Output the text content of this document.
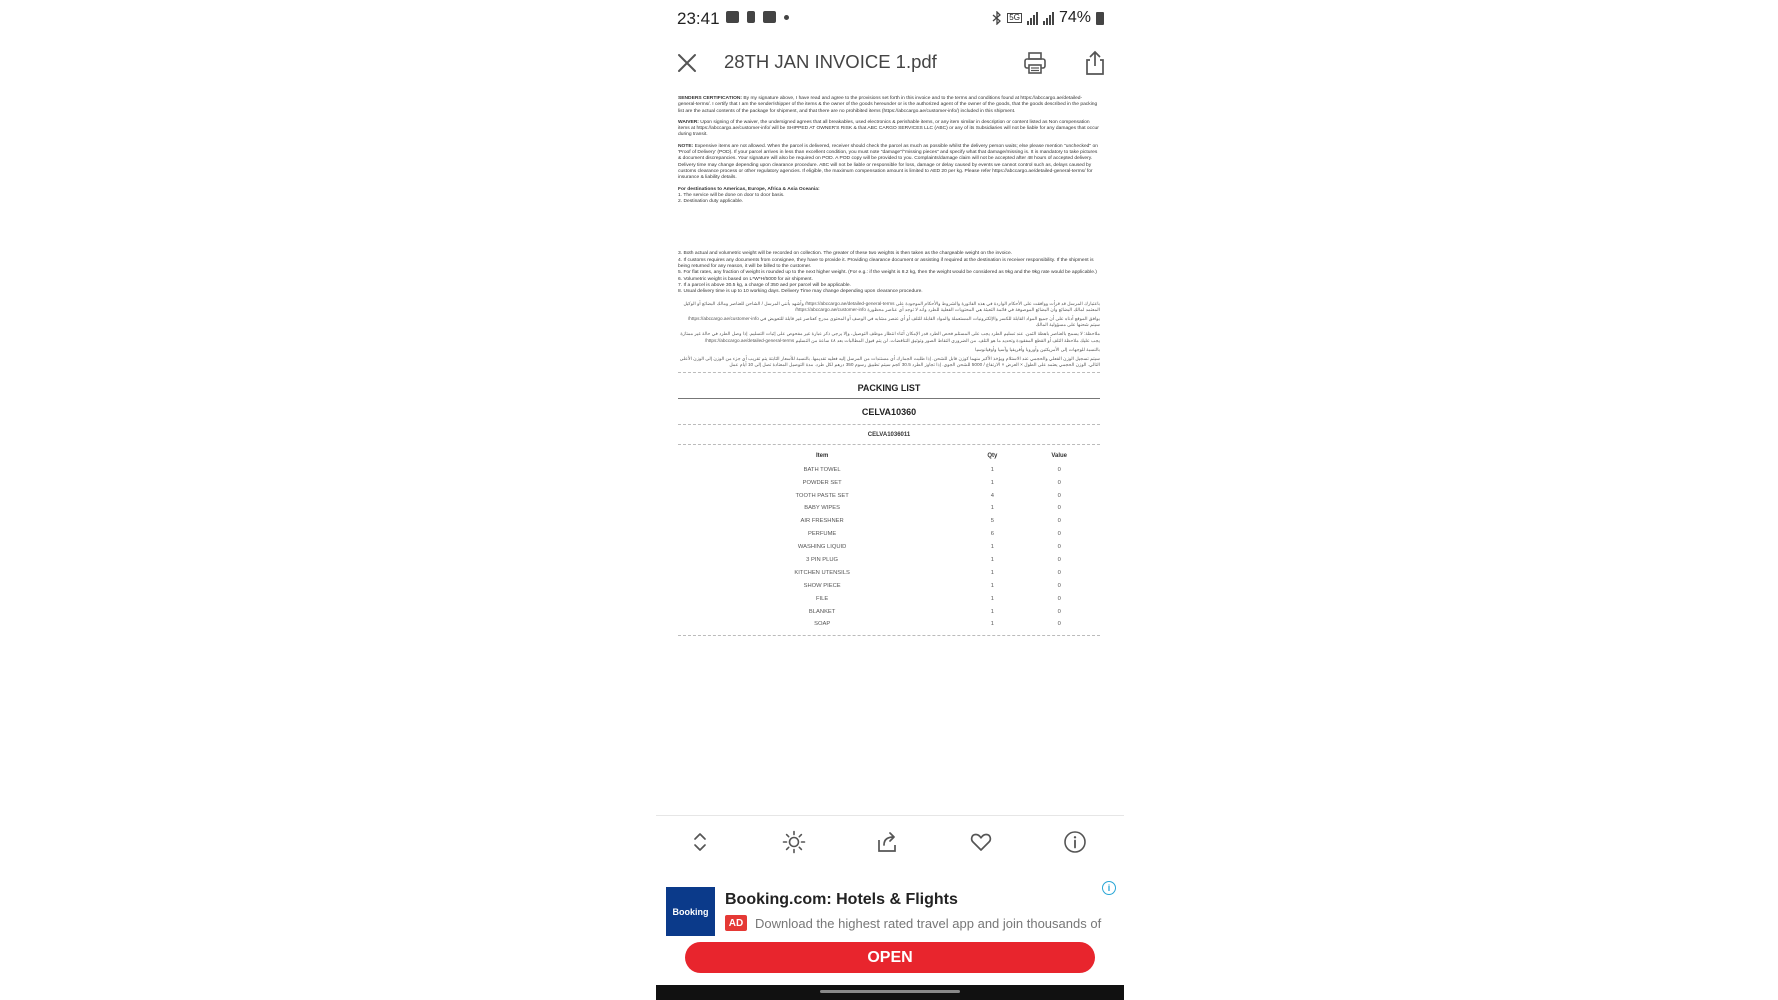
23:41	5G 74%
28TH JAN INVOICE 1.pdf

SENDERS CERTIFICATION: By my signature above, I have read and agree to the provisions set forth in this invoice and to the terms and conditions found at https://abccargo.ae/detailed-general-terms/. I certify that I am the sender/shipper of the items & the owner of the goods hereunder or is the authorized agent of the owner of the goods, that the goods described in the packing list are the actual contents of the package for shipment, and that there are no prohibited items (https://abccargo.ae/customer-info/) included in this shipment.

WAIVER: Upon signing of the waiver, the undersigned agrees that all breakables, used electronics & perishable items, or any item similar in description or content listed as Non compensation items at https://abccargo.ae/customer-info/ will be SHIPPED AT OWNER'S RISK & that ABC CARGO SERVICES LLC (ABC) or any of its Subsidiaries will not be liable for any damages that occur during transit.

NOTE: Expensive items are not allowed. When the parcel is delivered, receiver should check the parcel as much as possible whilst the delivery person waits; else please mention "unchecked" on 'Proof of Delivery' (POD). If your parcel arrives in less than excellent condition, you must note "damage"/"missing pieces" and specify what that damage/missing is. It is mandatory to take pictures & document discrepancies. Your signature will also be required on POD. A POD copy will be provided to you. Complaints/damage claim will not be accepted after 48 hours of accepted delivery. Delivery time may change depending upon clearance procedure. ABC will not be liable or responsible for loss, damage or delay caused by events we cannot control such as, delays caused by customs clearance process or other regulatory agencies. If eligible, the maximum compensation amount is limited to AED 20 per kg. Please refer https://abccargo.ae/detailed-general-terms/ for insurance & liability details.

For destinations to Americas, Europe, Africa & Asia Oceania:
1. The service will be done on door to door basis.
2. Destination duty applicable.

3. Both actual and volumetric weight will be recorded on collection. The greater of these two weights is then taken as the chargeable weight on the invoice.
4. If customs requires any documents from consignee, they have to provide it. Providing clearance document or assisting if required at the destination is receiver responsibility. If the shipment is being returned for any reason, it will be billed to the customer.
5. For flat rates, any fraction of weight is rounded up to the next higher weight. (For e.g.: if the weight is 8.2 kg, then the weight would be considered as 9kg and the 9kg rate would be applicable.)
6. Volumetric weight is based on L*W*H/5000 for air shipment.
7. If a parcel is above 30.5 kg, a charge of 350 aed per parcel will be applicable.
8. Usual delivery time is up to 10 working days. Delivery Time may change depending upon clearance procedure.

باعتبارك المرسل قد قرأت ووافقت على الأحكام الواردة في هذه الفاتورة والشروط والأحكام الموجودة على https://abccargo.ae/detailed-general-terms/ وأشهد بأنني المرسل / الشاحن للعناصر ومالك البضائع أو الوكيل المعتمد لمالك البضائع وأن البضائع الموصوفة في قائمة التعبئة هي المحتويات الفعلية للطرد وأنه لا توجد أي عناصر محظورة https://abccargo.ae/customer-info/

يوافق الموقع أدناه على أن جميع المواد القابلة للكسر والإلكترونيات المستعملة والمواد القابلة للتلف أو أي عنصر مشابه في الوصف أو المحتوى مدرج كعناصر غير قابلة للتعويض في https://abccargo.ae/customer-info/ سيتم شحنها على مسؤولية المالك

ملاحظة: لا يسمح بالعناصر باهظة الثمن. عند تسليم الطرد يجب على المستلم فحص الطرد قدر الإمكان أثناء انتظار موظف التوصيل، وإلا يرجى ذكر عبارة غير مفحوص على إثبات التسليم. إذا وصل الطرد في حالة غير ممتازة يجب عليك ملاحظة التلف أو القطع المفقودة وتحديد ما هو التلف. من الضروري التقاط الصور وتوثيق التناقضات. لن يتم قبول المطالبات بعد ٤٨ ساعة من التسليم https://abccargo.ae/detailed-general-terms/

بالنسبة للوجهات إلى الأمريكتين وأوروبا وأفريقيا وآسيا وأوقيانوسيا

سيتم تسجيل الوزن الفعلي والحجمي عند الاستلام ويؤخذ الأكبر منهما كوزن قابل للشحن. إذا طلبت الجمارك أي مستندات من المرسل إليه فعليه تقديمها. بالنسبة للأسعار الثابتة يتم تقريب أي جزء من الوزن إلى الوزن الأعلى التالي. الوزن الحجمي يعتمد على الطول × العرض × الارتفاع / 5000 للشحن الجوي. إذا تجاوز الطرد 30.5 كجم سيتم تطبيق رسوم 350 درهم لكل طرد. مدة التوصيل المعتادة تصل إلى 10 أيام عمل

PACKING LIST
CELVA10360
CELVA1036011
Item	Qty	Value
BATH TOWEL	1	0
POWDER SET	1	0
TOOTH PASTE SET	4	0
BABY WIPES	1	0
AIR FRESHNER	5	0
PERFUME	6	0
WASHING LIQUID	1	0
3 PIN PLUG	1	0
KITCHEN UTENSILS	1	0
SHOW PIECE	1	0
FILE	1	0
BLANKET	1	0
SOAP	1	0
Booking
Booking.com: Hotels & Flights
AD Download the highest rated travel app and join thousands of
i
OPEN
